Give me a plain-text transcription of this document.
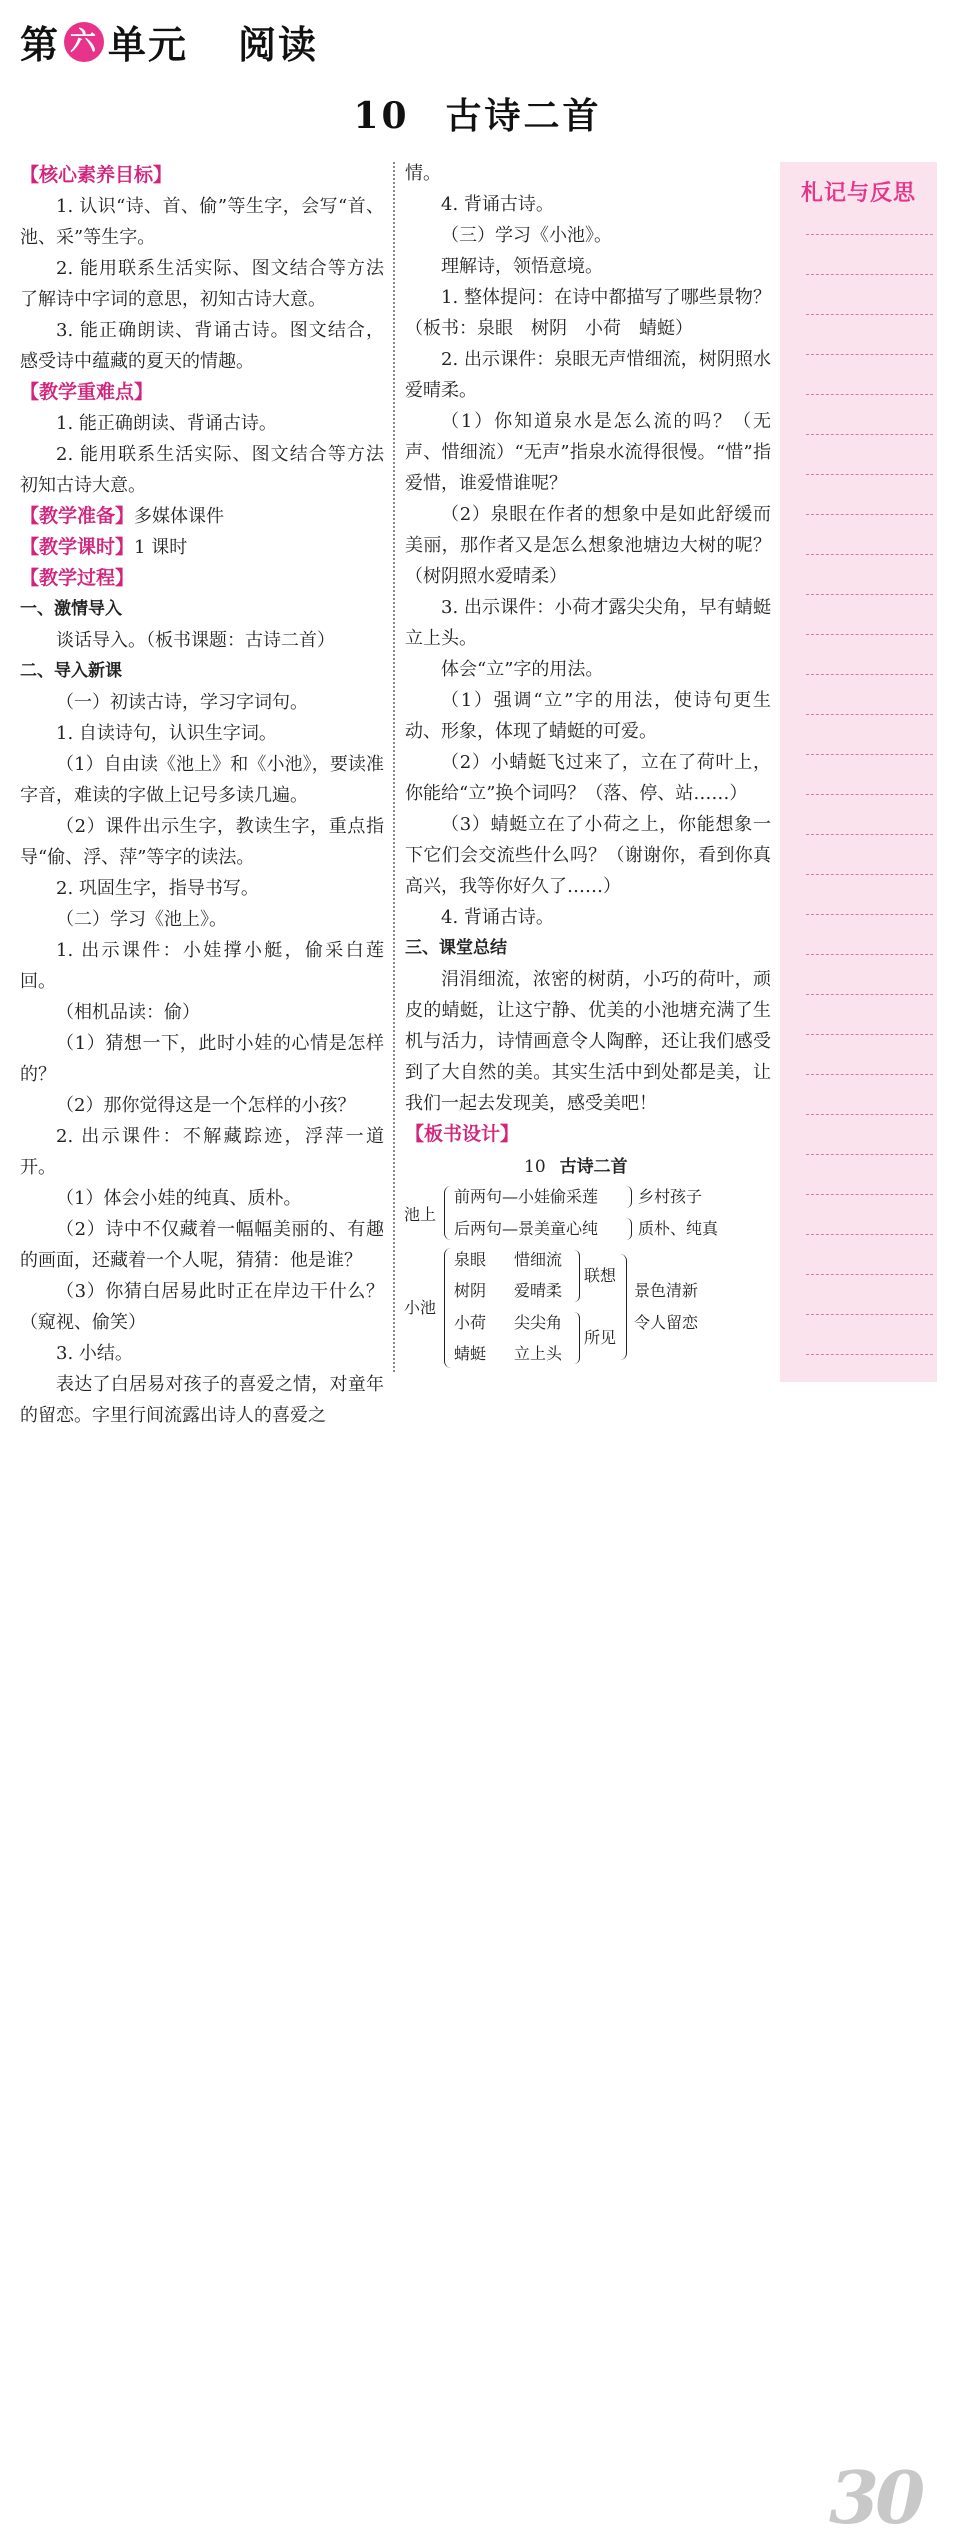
第 六 单元 阅读
10 古诗二首
【核心素养目标】

1. 认识“诗、首、偷”等生字，会写“首、池、采”等生字。

2. 能用联系生活实际、图文结合等方法了解诗中字词的意思，初知古诗大意。

3. 能正确朗读、背诵古诗。图文结合，感受诗中蕴藏的夏天的情趣。

【教学重难点】

1. 能正确朗读、背诵古诗。

2. 能用联系生活实际、图文结合等方法初知古诗大意。

【教学准备】多媒体课件
【教学课时】1 课时
【教学过程】
一、激情导入

谈话导入。（板书课题：古诗二首）

二、导入新课

（一）初读古诗，学习字词句。

1. 自读诗句，认识生字词。

（1）自由读《池上》和《小池》，要读准字音，难读的字做上记号多读几遍。

（2）课件出示生字，教读生字，重点指导“偷、浮、萍”等字的读法。

2. 巩固生字，指导书写。

（二）学习《池上》。

1. 出示课件：小娃撑小艇，偷采白莲回。

（相机品读：偷）

（1）猜想一下，此时小娃的心情是怎样的？

（2）那你觉得这是一个怎样的小孩？

2. 出示课件：不解藏踪迹，浮萍一道开。

（1）体会小娃的纯真、质朴。

（2）诗中不仅藏着一幅幅美丽的、有趣的画面，还藏着一个人呢，猜猜：他是谁？

（3）你猜白居易此时正在岸边干什么？（窥视、偷笑）

3. 小结。

表达了白居易对孩子的喜爱之情，对童年的留恋。字里行间流露出诗人的喜爱之

情。

4. 背诵古诗。

（三）学习《小池》。

理解诗，领悟意境。

1. 整体提问：在诗中都描写了哪些景物？（板书：泉眼　树阴　小荷　蜻蜓）

2. 出示课件：泉眼无声惜细流，树阴照水爱晴柔。

（1）你知道泉水是怎么流的吗？（无声、惜细流）“无声”指泉水流得很慢。“惜”指爱惜，谁爱惜谁呢？

（2）泉眼在作者的想象中是如此舒缓而美丽，那作者又是怎么想象池塘边大树的呢？（树阴照水爱晴柔）

3. 出示课件：小荷才露尖尖角，早有蜻蜓立上头。

体会“立”字的用法。

（1）强调“立”字的用法，使诗句更生动、形象，体现了蜻蜓的可爱。

（2）小蜻蜓飞过来了，立在了荷叶上，你能给“立”换个词吗？（落、停、站……）

（3）蜻蜓立在了小荷之上，你能想象一下它们会交流些什么吗？（谢谢你，看到你真高兴，我等你好久了……）

4. 背诵古诗。

三、课堂总结

涓涓细流，浓密的树荫，小巧的荷叶，顽皮的蜻蜓，让这宁静、优美的小池塘充满了生机与活力，诗情画意令人陶醉，还让我们感受到了大自然的美。其实生活中到处都是美，让我们一起去发现美，感受美吧！

【板书设计】
30
10 古诗二首
池上
前两句—小娃偷采莲
后两句—景美童心纯
乡村孩子
质朴、纯真
小池
泉眼 惜细流
树阴 爱晴柔
小荷 尖尖角
蜻蜓 立上头
联想
所见
景色清新
令人留恋
札记与反思
